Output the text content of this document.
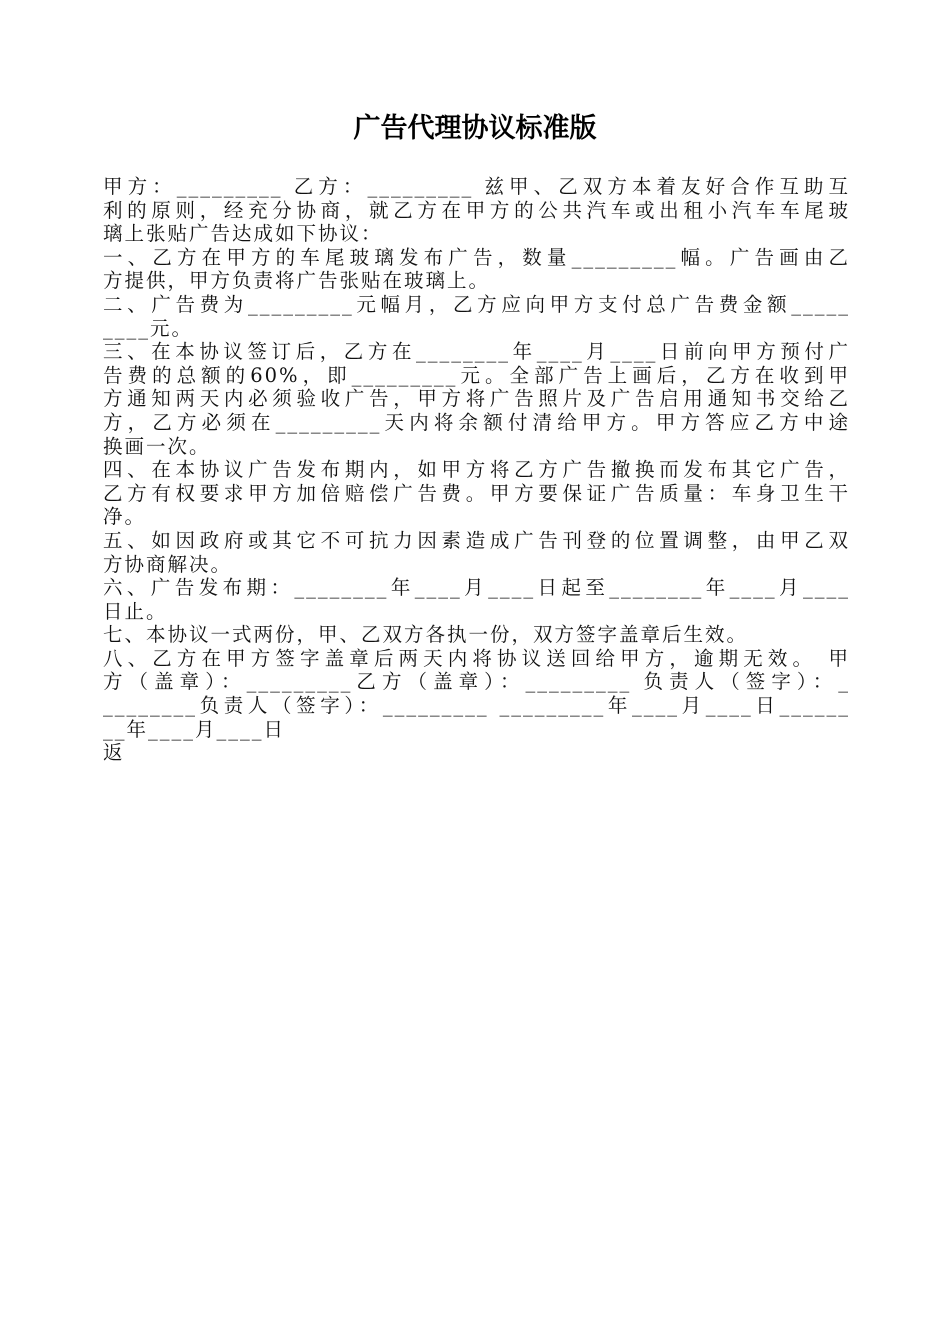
广告代理协议标准版
甲方：_________ 乙方：_________ 兹甲、乙双方本着友好合作互助互
利的原则，经充分协商，就乙方在甲方的公共汽车或出租小汽车车尾玻
璃上张贴广告达成如下协议：
一、乙方在甲方的车尾玻璃发布广告，数量_________幅。广告画由乙
方提供，甲方负责将广告张贴在玻璃上。
二、广告费为_________元幅月，乙方应向甲方支付总广告费金额_____
____元。
三、在本协议签订后，乙方在________年____月____日前向甲方预付广
告费的总额的60%，即_________元。全部广告上画后，乙方在收到甲
方通知两天内必须验收广告，甲方将广告照片及广告启用通知书交给乙
方，乙方必须在_________天内将余额付清给甲方。甲方答应乙方中途
换画一次。
四、在本协议广告发布期内，如甲方将乙方广告撤换而发布其它广告，
乙方有权要求甲方加倍赔偿广告费。甲方要保证广告质量：车身卫生干
净。
五、如因政府或其它不可抗力因素造成广告刊登的位置调整，由甲乙双
方协商解决。
六、广告发布期：________年____月____日起至________年____月____
日止。
七、本协议一式两份，甲、乙双方各执一份，双方签字盖章后生效。
八、乙方在甲方签字盖章后两天内将协议送回给甲方，逾期无效。 甲
方（盖章）：_________乙方（盖章）：_________ 负责人（签字）：_
________负责人（签字）：_________ _________年____月____日______
__年____月____日
返
